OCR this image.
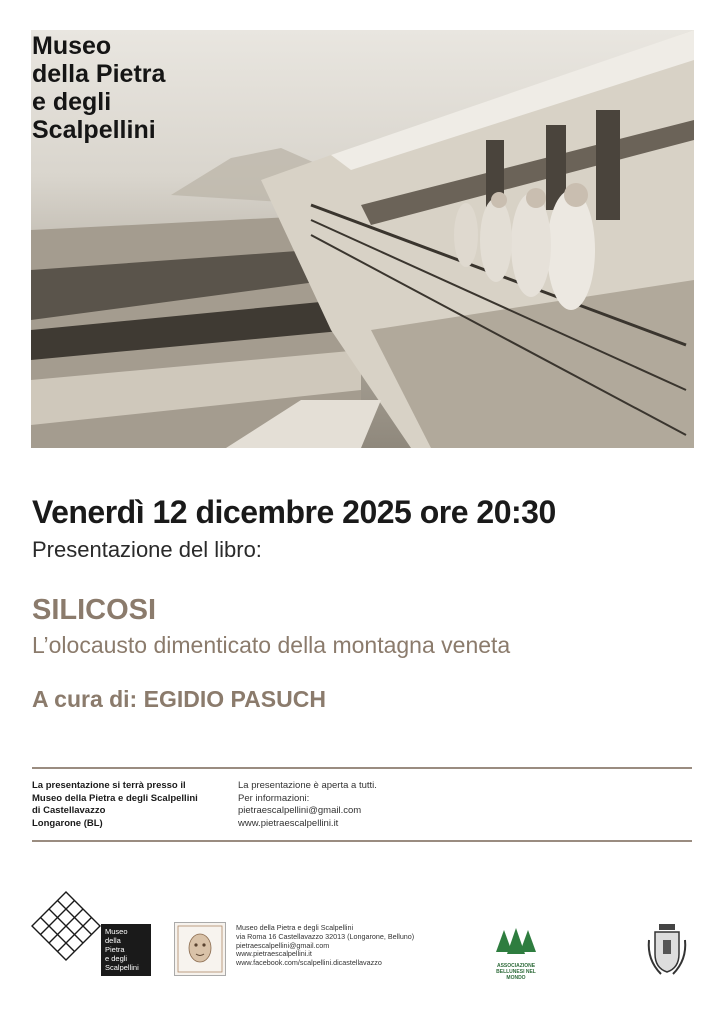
Museo
della Pietra
e degli
Scalpellini
Venerdì 12 dicembre 2025 ore 20:30
Presentazione del libro:
SILICOSI
L’olocausto dimenticato della montagna veneta
A cura di: EGIDIO PASUCH
La presentazione si terrà presso il
Museo della Pietra e degli Scalpellini
di Castellavazzo
Longarone (BL)
La presentazione è aperta a tutti.
Per informazioni:
pietraescalpellini@gmail.com
www.pietraescalpellini.it
Museo
della
Pietra
e degli
Scalpellini
Museo della Pietra e degli Scalpellini
via Roma 16 Castellavazzo 32013 (Longarone, Belluno)
pietraescalpellini@gmail.com
www.pietraescalpellini.it
www.facebook.com/scalpellini.dicastellavazzo	ASSOCIAZIONE BELLUNESI NEL MONDO
